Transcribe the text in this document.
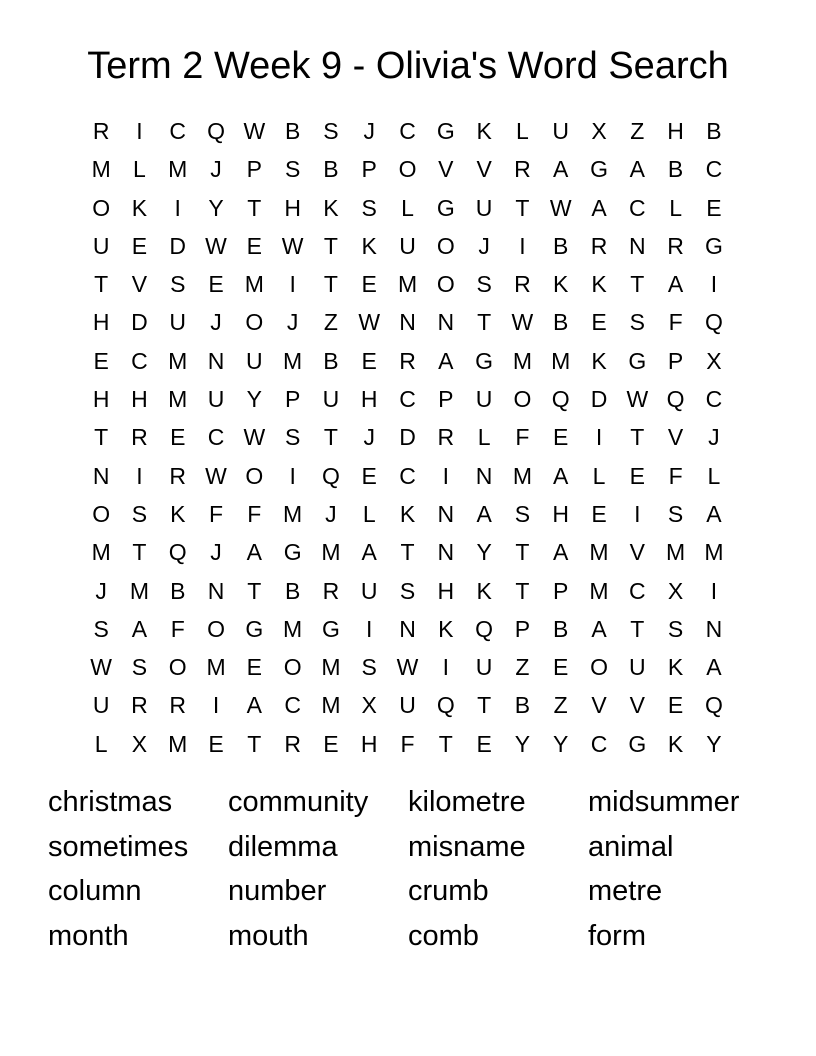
Term 2 Week 9 - Olivia's Word Search
R	I	C Q W B S	J	C G K	L	U X	Z H B
M L M J	P S B P O V V R A G A B C
O K	I	Y	T H K S	L G U T W A C	L	E
U E D W E W T	K U O	J	I	B R N R G
T	V S E M	I	T	E M O S R K K	T	A	I
H D U	J	O	J	Z W N N T W B E S	F Q
E C M N U M B E R A G M M K G P X
H H M U Y P U H C P U O Q D W Q C
T R E C W S	T	J	D R	L	F	E	I	T	V	J
N	I	R W O	I	Q E C	I	N M A	L	E	F	L
O S K	F	F M J	L	K N A S H E	I	S A
M T Q	J	A G M A	T N Y	T	A M V M M
J M B N T	B R U S H K	T	P M C X	I
S A	F O G M G	I	N K Q P B A	T	S N
W S O M E O M S W	I	U Z	E O U K A
U R R	I	A C M X U Q T	B	Z	V V E Q
L	X M E	T R E H F	T	E Y Y C G K Y
christmas	community	kilometre	midsummer
sometimes	dilemma	misname	animal
column	number	crumb	metre
month	mouth	comb	form
